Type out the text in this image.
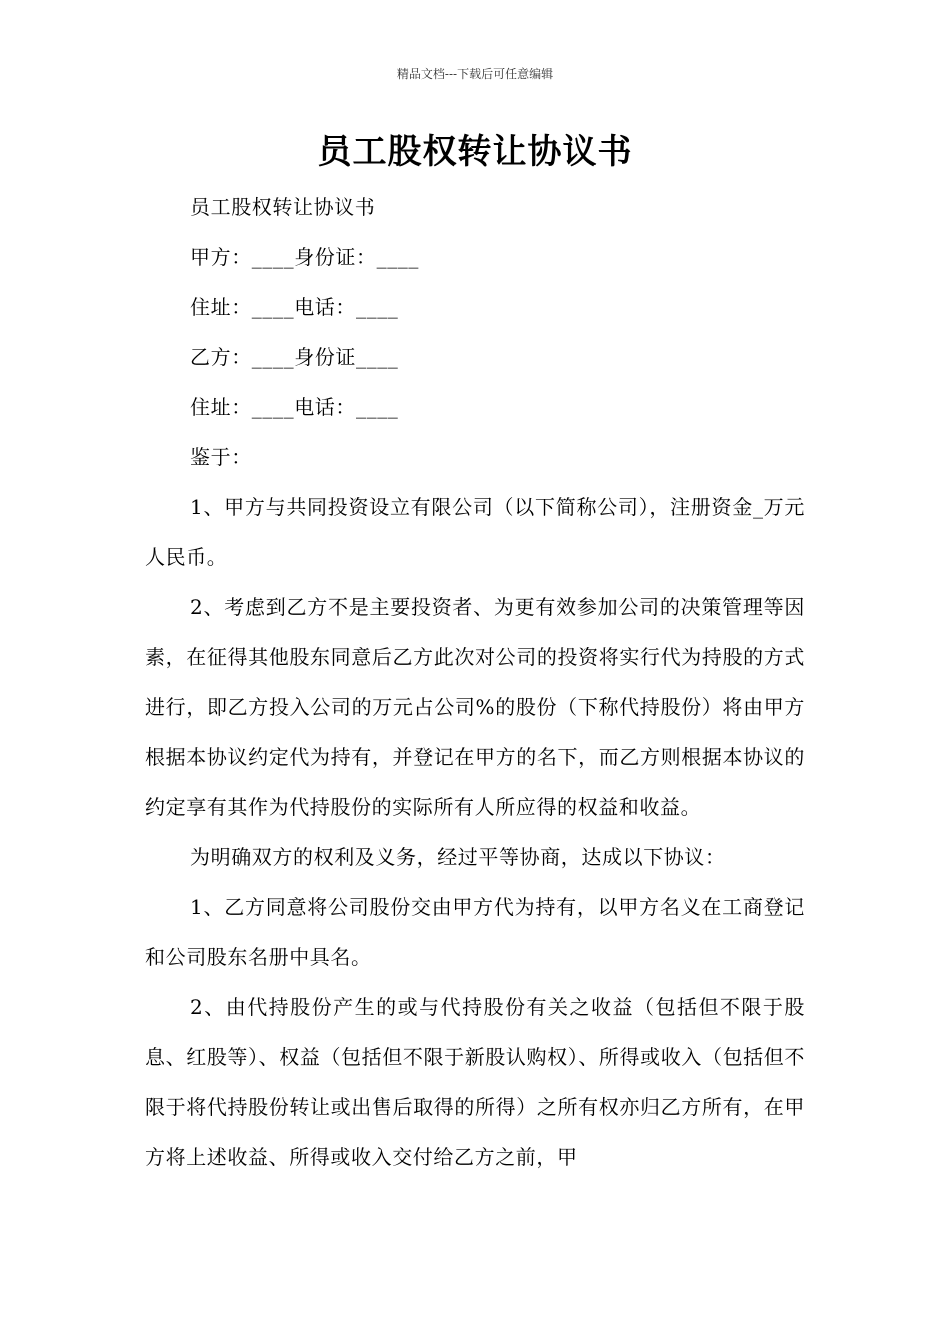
精品文档---下载后可任意编辑
员工股权转让协议书

员工股权转让协议书

甲方：____身份证：____

住址：____电话：____

乙方：____身份证____

住址：____电话：____

鉴于：

1、甲方与共同投资设立有限公司（以下简称公司），注册资金_万元人民币。

2、考虑到乙方不是主要投资者、为更有效参加公司的决策管理等因素，在征得其他股东同意后乙方此次对公司的投资将实行代为持股的方式进行，即乙方投入公司的万元占公司%的股份（下称代持股份）将由甲方根据本协议约定代为持有，并登记在甲方的名下，而乙方则根据本协议的约定享有其作为代持股份的实际所有人所应得的权益和收益。

为明确双方的权利及义务，经过平等协商，达成以下协议：

1、乙方同意将公司股份交由甲方代为持有，以甲方名义在工商登记和公司股东名册中具名。

2、由代持股份产生的或与代持股份有关之收益（包括但不限于股息、红股等）、权益（包括但不限于新股认购权）、所得或收入（包括但不限于将代持股份转让或出售后取得的所得）之所有权亦归乙方所有，在甲方将上述收益、所得或收入交付给乙方之前，甲
